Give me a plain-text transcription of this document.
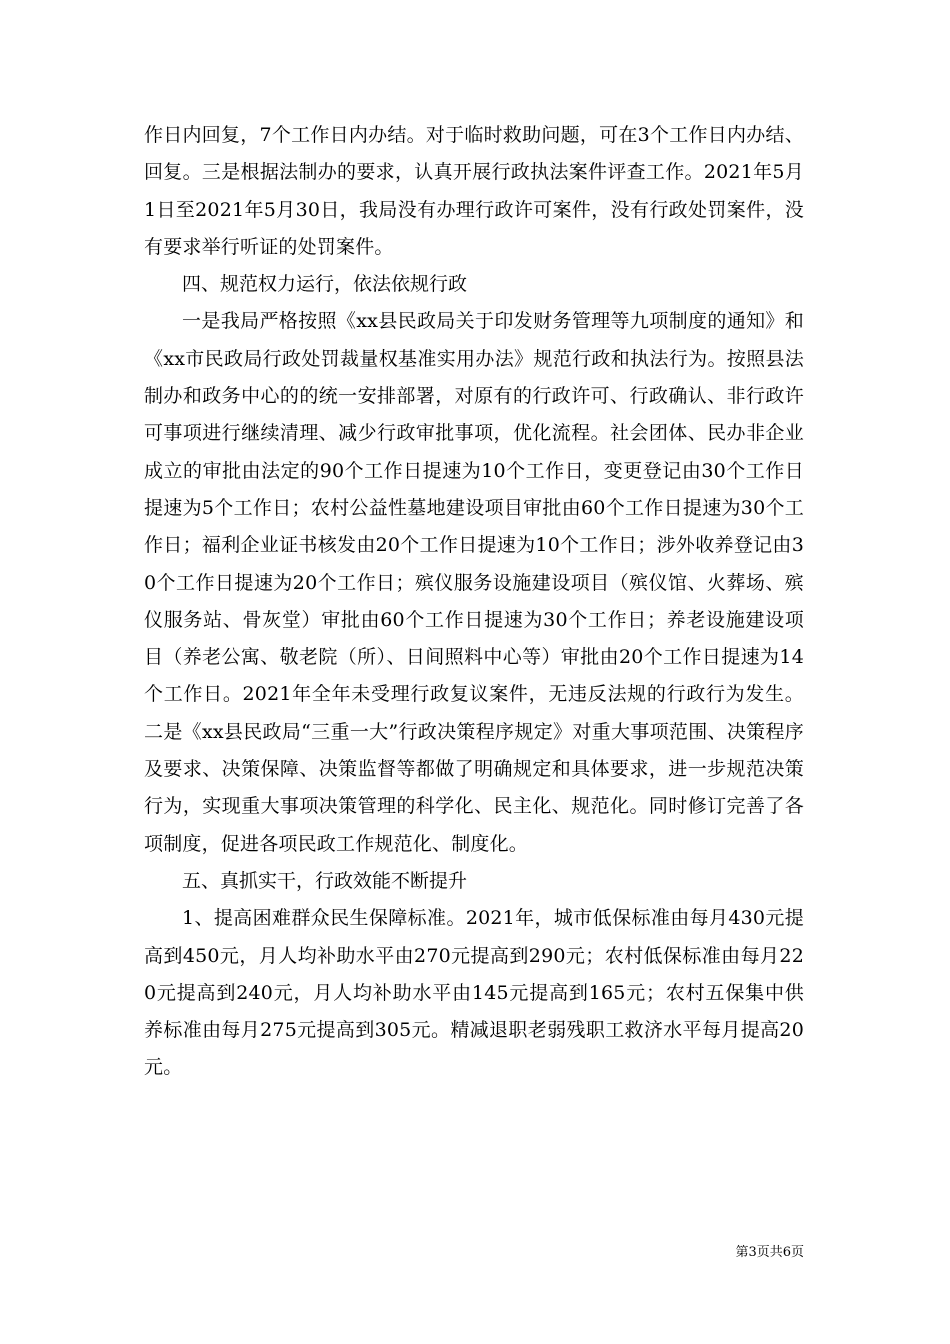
作日内回复，7个工作日内办结。对于临时救助问题，可在3个工作日内办结、回复。三是根据法制办的要求，认真开展行政执法案件评查工作。2021年5月1日至2021年5月30日，我局没有办理行政许可案件，没有行政处罚案件，没有要求举行听证的处罚案件。

四、规范权力运行，依法依规行政

一是我局严格按照《xx县民政局关于印发财务管理等九项制度的通知》和《xx市民政局行政处罚裁量权基准实用办法》规范行政和执法行为。按照县法制办和政务中心的的统一安排部署，对原有的行政许可、行政确认、非行政许可事项进行继续清理、减少行政审批事项，优化流程。社会团体、民办非企业成立的审批由法定的90个工作日提速为10个工作日，变更登记由30个工作日提速为5个工作日；农村公益性墓地建设项目审批由60个工作日提速为30个工作日；福利企业证书核发由20个工作日提速为10个工作日；涉外收养登记由30个工作日提速为20个工作日；殡仪服务设施建设项目（殡仪馆、火葬场、殡仪服务站、骨灰堂）审批由60个工作日提速为30个工作日；养老设施建设项目（养老公寓、敬老院（所）、日间照料中心等）审批由20个工作日提速为14个工作日。2021年全年未受理行政复议案件，无违反法规的行政行为发生。二是《xx县民政局“三重一大”行政决策程序规定》对重大事项范围、决策程序及要求、决策保障、决策监督等都做了明确规定和具体要求，进一步规范决策行为，实现重大事项决策管理的科学化、民主化、规范化。同时修订完善了各项制度，促进各项民政工作规范化、制度化。

五、真抓实干，行政效能不断提升

1、提高困难群众民生保障标准。2021年，城市低保标准由每月430元提高到450元，月人均补助水平由270元提高到290元；农村低保标准由每月220元提高到240元，月人均补助水平由145元提高到165元；农村五保集中供养标准由每月275元提高到305元。精减退职老弱残职工救济水平每月提高20元。

第3页共6页
